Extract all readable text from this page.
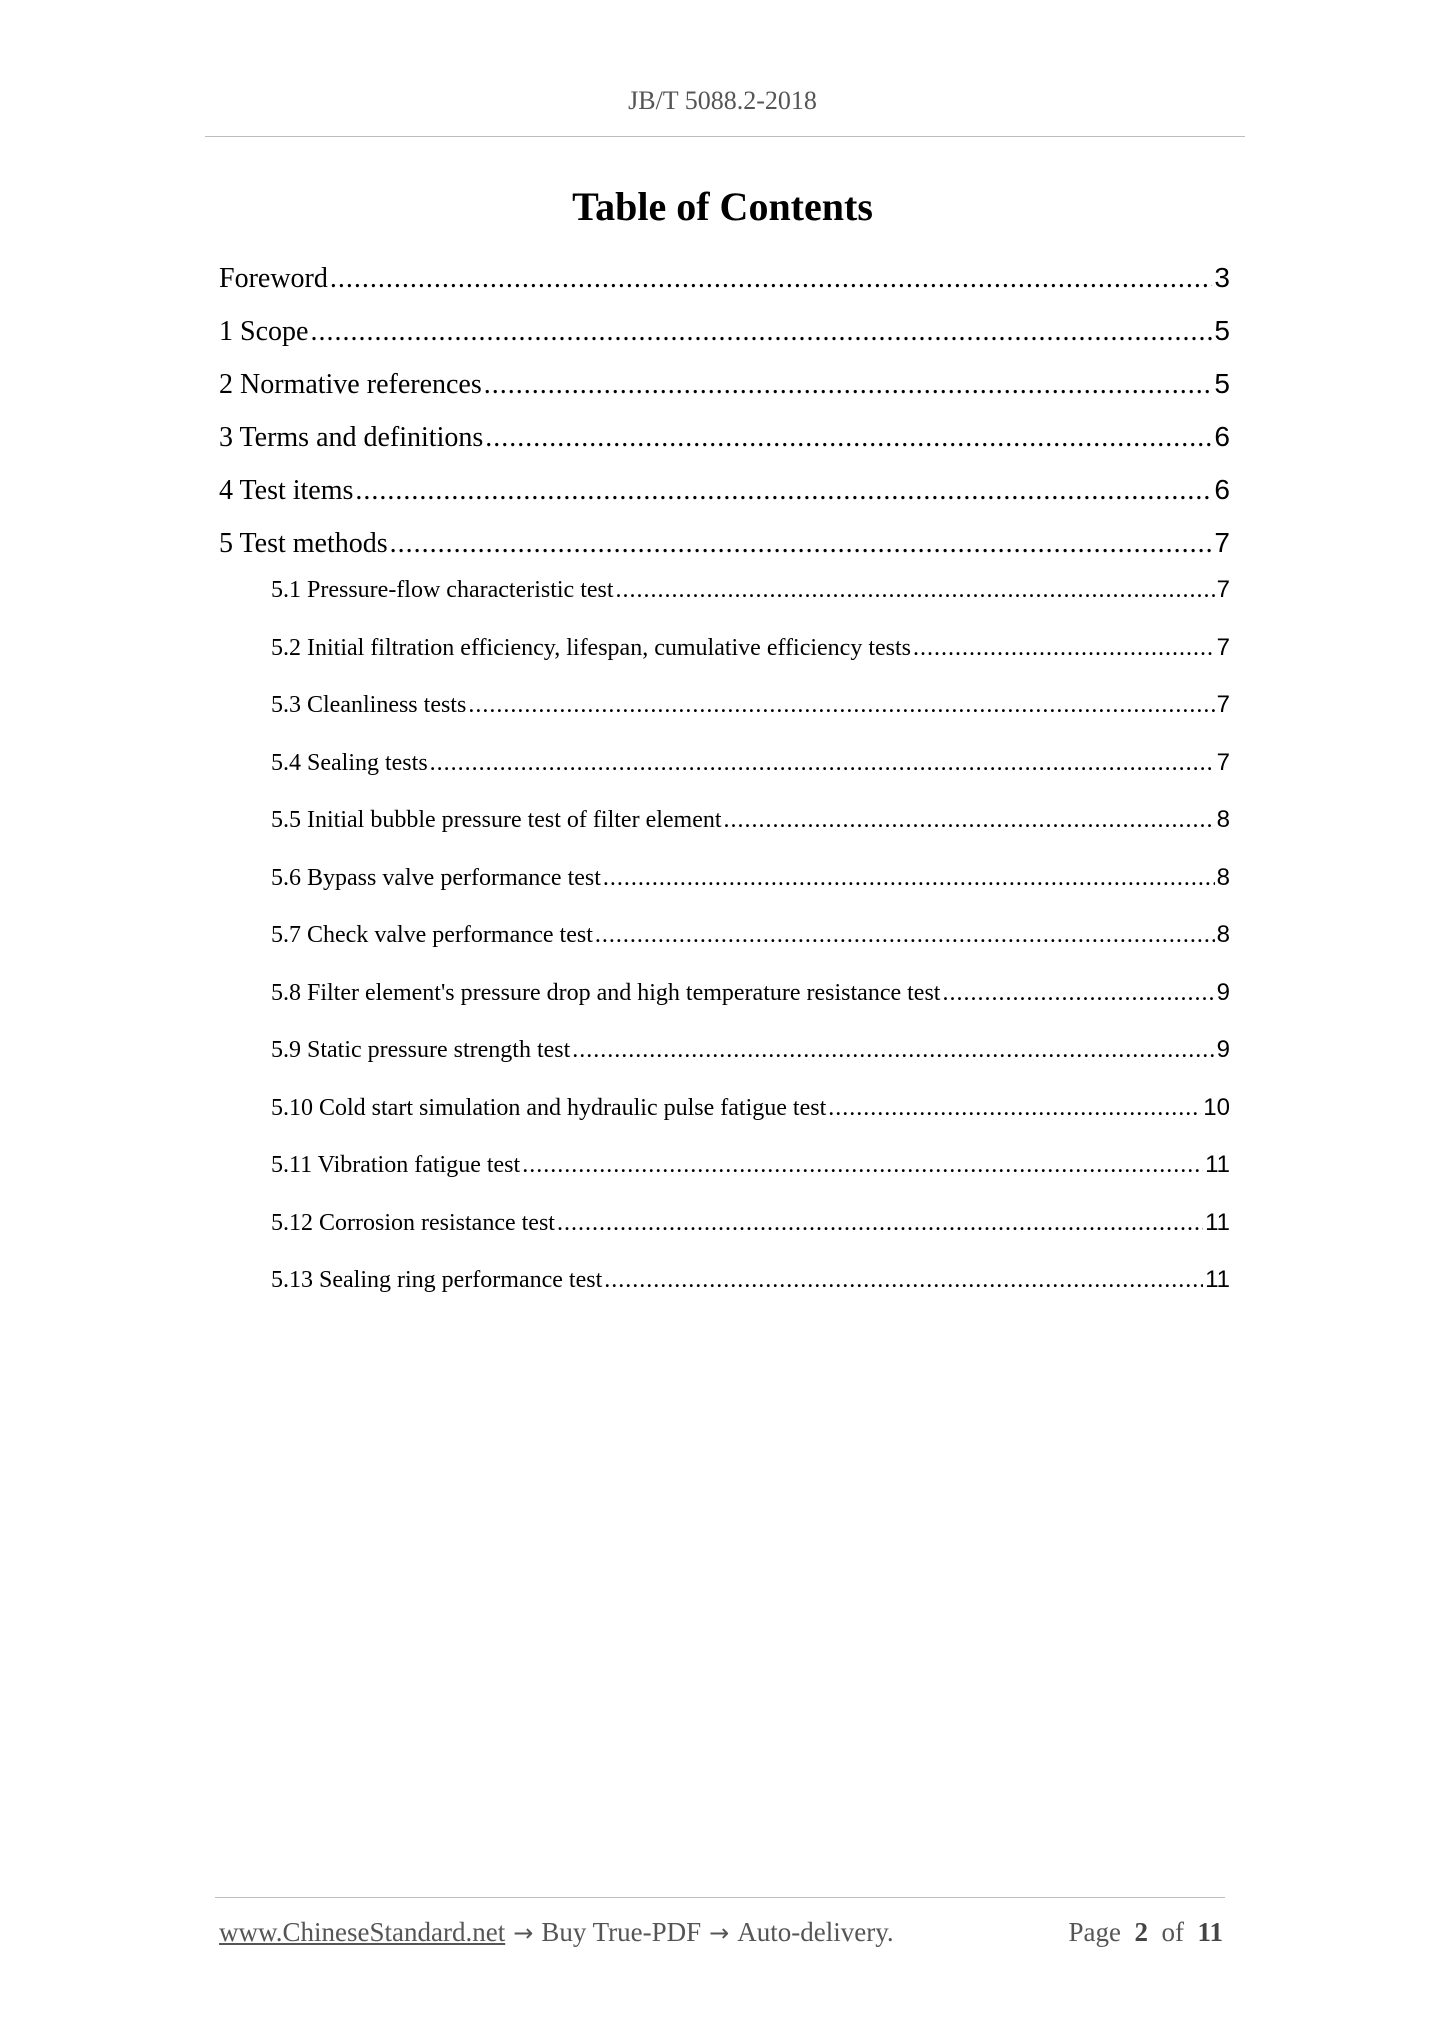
JB/T 5088.2-2018
Table of Contents
Foreword .....	3
1 Scope .....	5
2 Normative references .....	5
3 Terms and definitions .....	6
4 Test items .....	6
5 Test methods .....	7
5.1 Pressure-flow characteristic test .....	7
5.2 Initial filtration efficiency, lifespan, cumulative efficiency tests .....	7
5.3 Cleanliness tests .....	7
5.4 Sealing tests .....	7
5.5 Initial bubble pressure test of filter element .....	8
5.6 Bypass valve performance test .....	8
5.7 Check valve performance test .....	8
5.8 Filter element's pressure drop and high temperature resistance test .....	9
5.9 Static pressure strength test .....	9
5.10 Cold start simulation and hydraulic pulse fatigue test .....	10
5.11 Vibration fatigue test .....	11
5.12 Corrosion resistance test .....	11
5.13 Sealing ring performance test .....	11
www.ChineseStandard.net → Buy True-PDF → Auto-delivery.	Page 2 of 11
